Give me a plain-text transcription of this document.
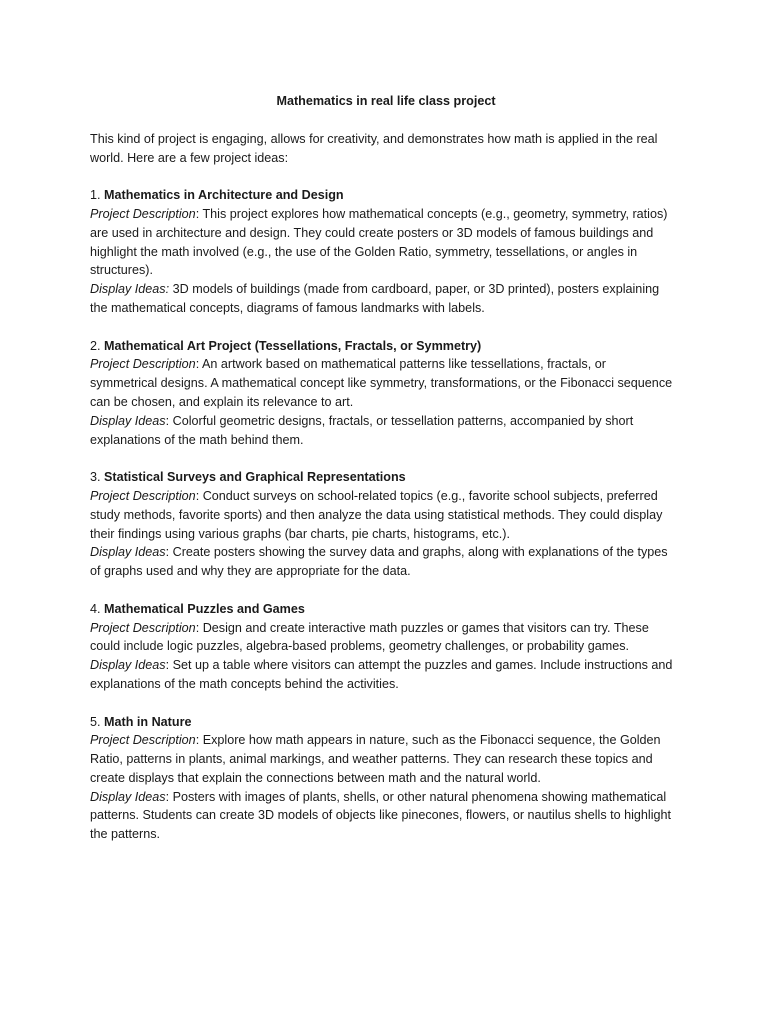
Mathematics in real life class project

This kind of project is engaging, allows for creativity, and demonstrates how math is applied in the real world. Here are a few project ideas:

1. Mathematics in Architecture and Design

Project Description: This project explores how mathematical concepts (e.g., geometry, symmetry, ratios) are used in architecture and design. They could create posters or 3D models of famous buildings and highlight the math involved (e.g., the use of the Golden Ratio, symmetry, tessellations, or angles in structures).

Display Ideas: 3D models of buildings (made from cardboard, paper, or 3D printed), posters explaining the mathematical concepts, diagrams of famous landmarks with labels.

2. Mathematical Art Project (Tessellations, Fractals, or Symmetry)

Project Description: An artwork based on mathematical patterns like tessellations, fractals, or symmetrical designs. A mathematical concept like symmetry, transformations, or the Fibonacci sequence can be chosen, and explain its relevance to art.

Display Ideas: Colorful geometric designs, fractals, or tessellation patterns, accompanied by short explanations of the math behind them.

3. Statistical Surveys and Graphical Representations

Project Description: Conduct surveys on school-related topics (e.g., favorite school subjects, preferred study methods, favorite sports) and then analyze the data using statistical methods. They could display their findings using various graphs (bar charts, pie charts, histograms, etc.).

Display Ideas: Create posters showing the survey data and graphs, along with explanations of the types of graphs used and why they are appropriate for the data.

4. Mathematical Puzzles and Games

Project Description: Design and create interactive math puzzles or games that visitors can try. These could include logic puzzles, algebra-based problems, geometry challenges, or probability games.

Display Ideas: Set up a table where visitors can attempt the puzzles and games. Include instructions and explanations of the math concepts behind the activities.

5. Math in Nature

Project Description: Explore how math appears in nature, such as the Fibonacci sequence, the Golden Ratio, patterns in plants, animal markings, and weather patterns. They can research these topics and create displays that explain the connections between math and the natural world.

Display Ideas: Posters with images of plants, shells, or other natural phenomena showing mathematical patterns. Students can create 3D models of objects like pinecones, flowers, or nautilus shells to highlight the patterns.
